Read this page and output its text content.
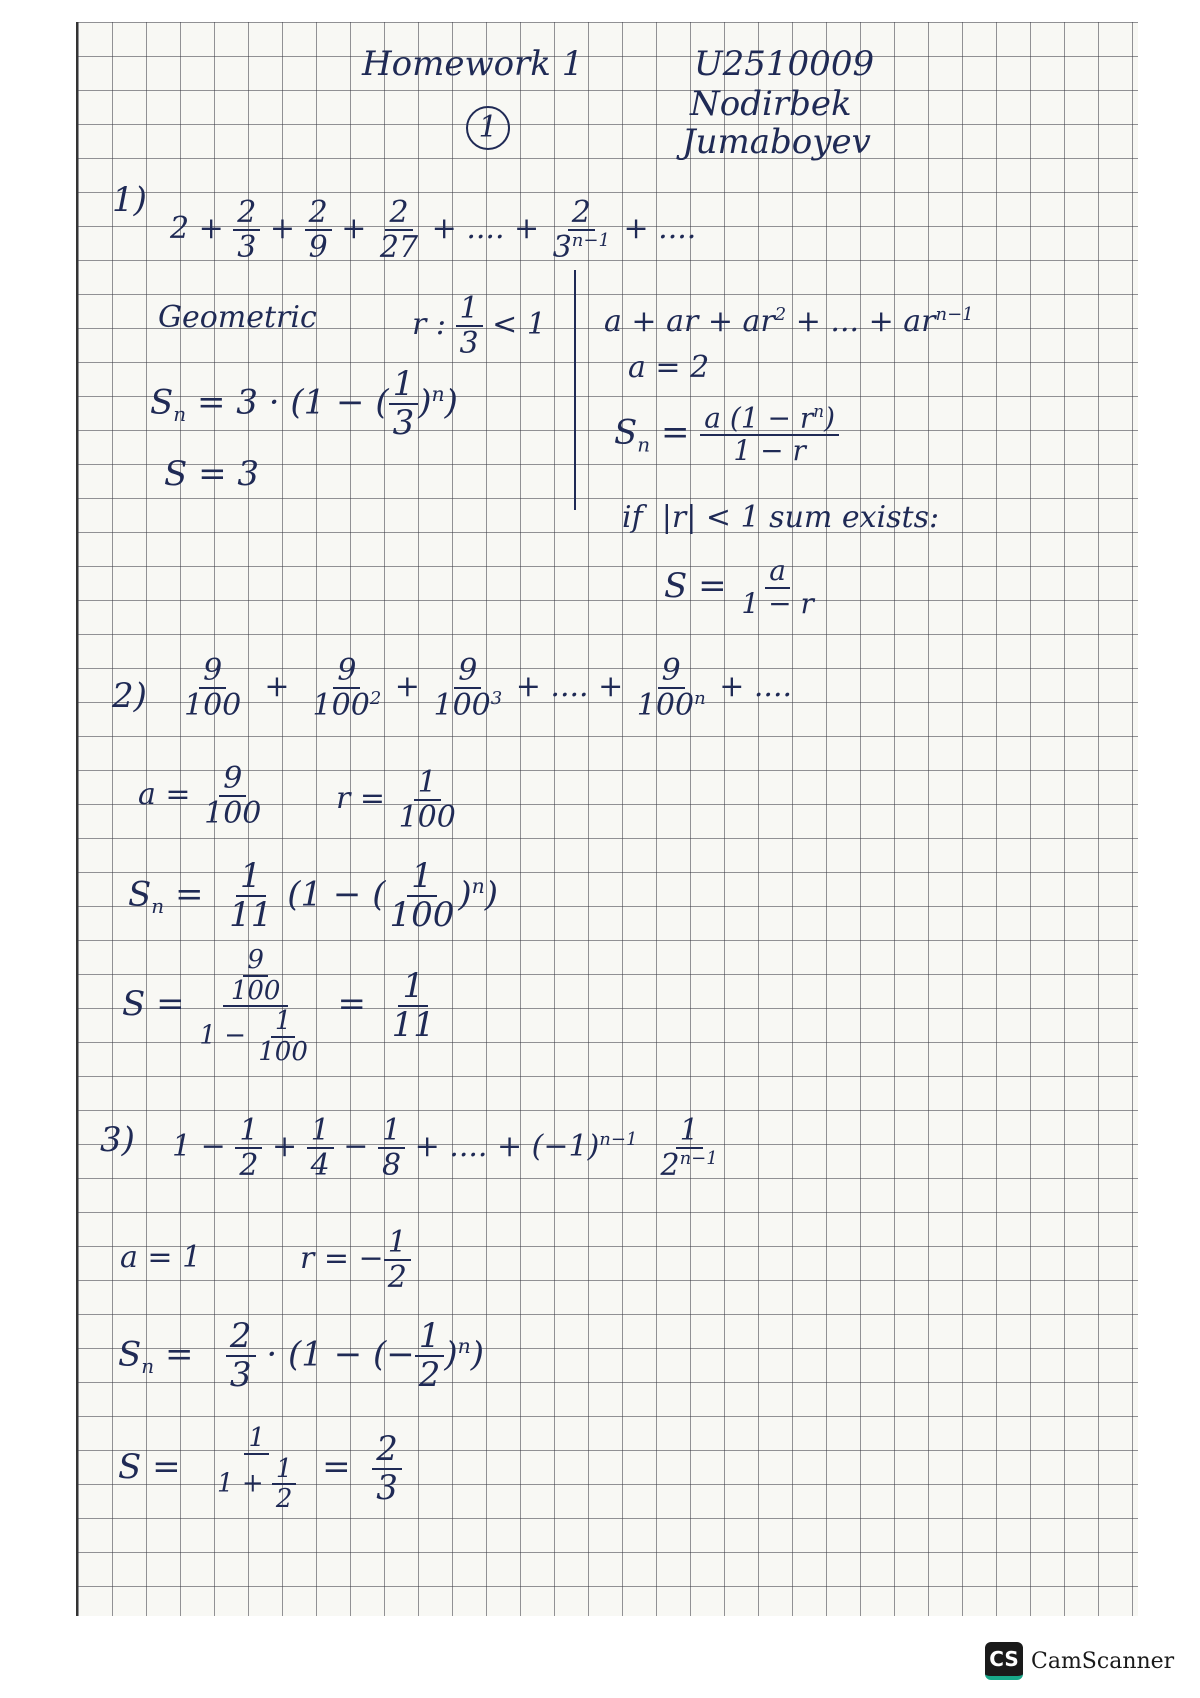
Homework 1	U2510009
Nodirbek
Jumaboyev
1
1)
$2 + \frac{2}{3} + \frac{2}{9} + \frac{2}{27}$ + .... + $\frac{2}{3^{n-1}}$ + ....
Geometric	r : $\frac{1}{3} < 1$
$S_n = 3 \cdot (1$ − ( $\frac{1}{3} )^n$)
S = 3
a + ar + $ar^2$ + ... + $ar^{n-1}$
a = 2
$S_n = \frac{a (1 - r^n)}{1 - r}$
if |r| < 1 sum exists:
$S = \frac{a}{1 - r}$
$2) \frac{9}{100} + \frac{9}{100^2} + \frac{9}{100^3}$ + .... + $\frac{9}{100^n}$ + ....
$a = \frac{9}{100}$ $r = \frac{1}{100}$
$S_n = \frac{1}{11} (1$ − ( $\frac{1}{100} )^n$)
$S = \frac{\frac{9}{100}}{1 - \frac{1}{100}} = \frac{1}{11}$
3) $1 - \frac{1}{2} + \frac{1}{4} - \frac{1}{8}$ + .... + $(-1)^{n-1} \frac{1}{2^{n-1}}$
a = 1	r = − $\frac{1}{2}$
$S_n = \frac{2}{3} \cdot (1$ − (− $\frac{1}{2} )^n$)
$S = \frac{1}{1 + \frac{1}{2}} = \frac{2}{3}$
CS CamScanner
